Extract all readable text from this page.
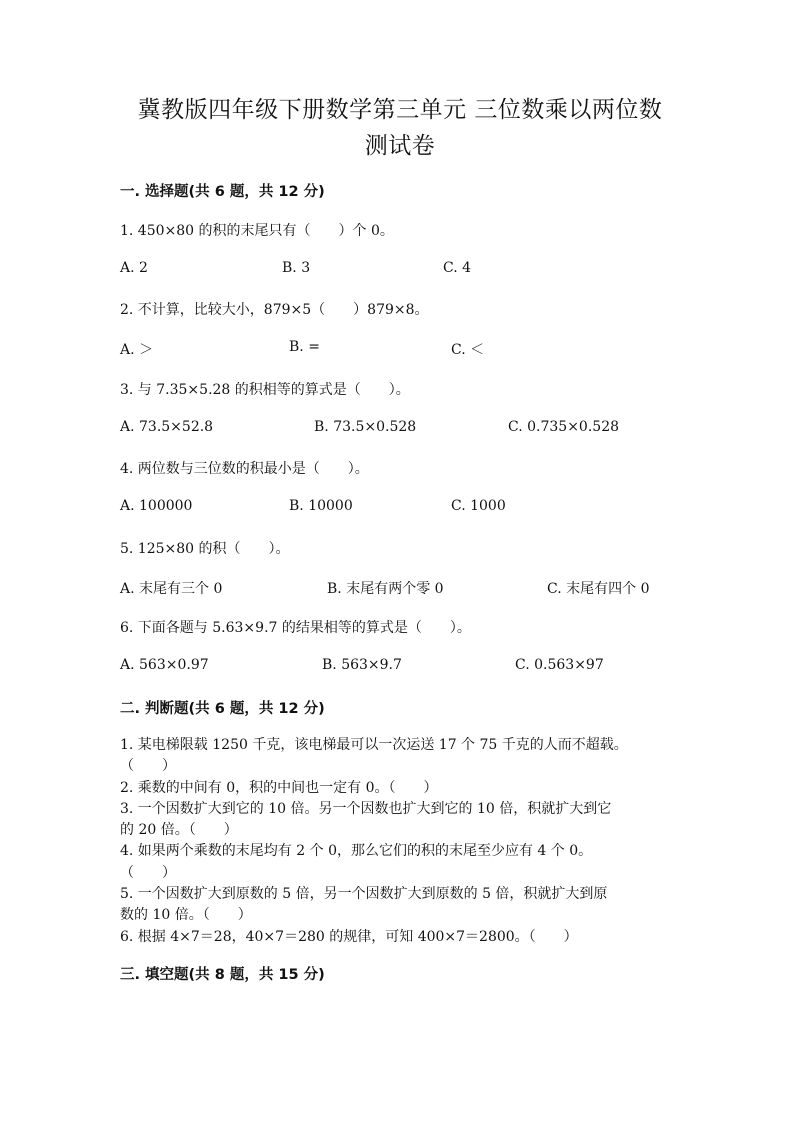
冀教版四年级下册数学第三单元 三位数乘以两位数
测试卷
一. 选择题(共 6 题，共 12 分)
1. 450×80 的积的末尾只有（　　）个 0。
A. 2	B. 3	C. 4
2. 不计算，比较大小，879×5（　　）879×8。
A. ＞	B. =	C. ＜
3. 与 7.35×5.28 的积相等的算式是（　　）。
A. 73.5×52.8	B. 73.5×0.528	C. 0.735×0.528
4. 两位数与三位数的积最小是（　　）。
A. 100000	B. 10000	C. 1000
5. 125×80 的积（　　）。
A. 末尾有三个 0	B. 末尾有两个零 0	C. 末尾有四个 0
6. 下面各题与 5.63×9.7 的结果相等的算式是（　　）。
A. 563×0.97	B. 563×9.7	C. 0.563×97
二. 判断题(共 6 题，共 12 分)
1. 某电梯限载 1250 千克，该电梯最可以一次运送 17 个 75 千克的人而不超载。
（　　）
2. 乘数的中间有 0，积的中间也一定有 0。（　　）
3. 一个因数扩大到它的 10 倍。另一个因数也扩大到它的 10 倍，积就扩大到它
的 20 倍。（　　）
4. 如果两个乘数的末尾均有 2 个 0，那么它们的积的末尾至少应有 4 个 0。
（　　）
5. 一个因数扩大到原数的 5 倍，另一个因数扩大到原数的 5 倍，积就扩大到原
数的 10 倍。（　　）
6. 根据 4×7＝28，40×7＝280 的规律，可知 400×7＝2800。（　　）
三. 填空题(共 8 题，共 15 分)
